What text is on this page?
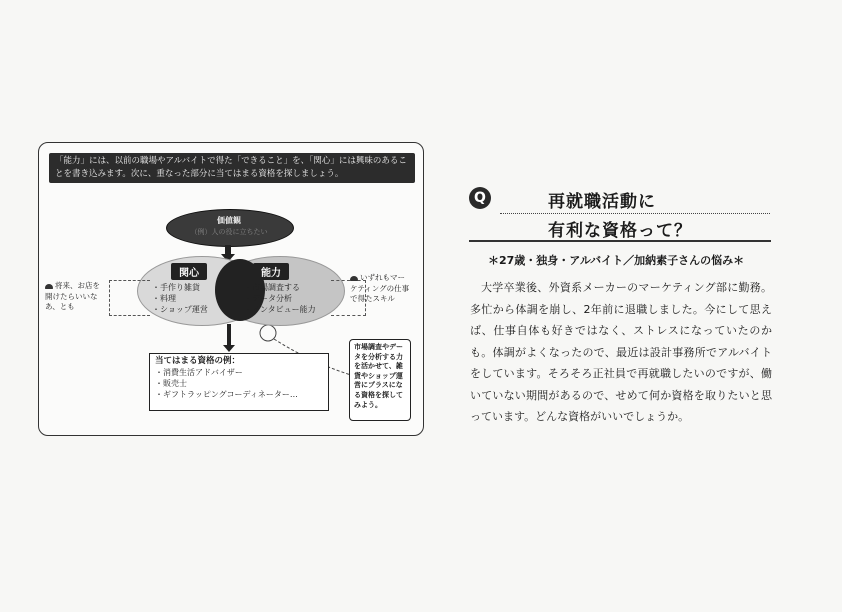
「能力」には、以前の職場やアルバイトで得た「できること」を、「関心」には興味のあることを書き込みます。次に、重なった部分に当てはまる資格を探しましょう。
価値観
（例）人の役に立ちたい
関心	能力
・手作り雑貨
・料理
・ショップ運営
・市場調査する
・データ分析
・インタビュー能力
将来、お店を開けたらいいなあ、とも
いずれもマーケティングの仕事で得たスキル
当てはまる資格の例：
・消費生活アドバイザー
・販売士
・ギフトラッピングコーディネーター…
市場調査やデータを分析する力を活かせて、雑貨やショップ運営にプラスになる資格を探してみよう。
Q	再就職活動に
有利な資格って？
＊27歳・独身・アルバイト／加納素子さんの悩み＊
大学卒業後、外資系メーカーのマーケティング部に勤務。多忙から体調を崩し、2年前に退職しました。今にして思えば、仕事自体も好きではなく、ストレスになっていたのかも。体調がよくなったので、最近は設計事務所でアルバイトをしています。そろそろ正社員で再就職したいのですが、働いていない期間があるので、せめて何か資格を取りたいと思っています。どんな資格がいいでしょうか。
